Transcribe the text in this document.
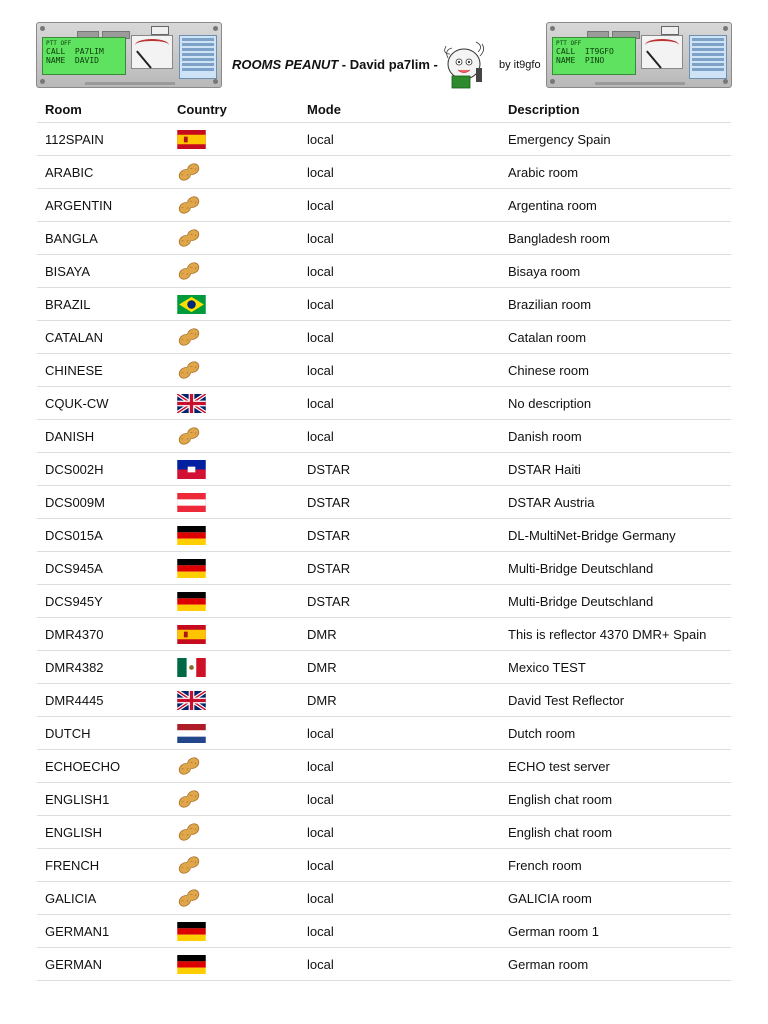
PTT OFF
CALL  PA7LIM
NAME  DAVID	ROOMS PEANUT - David pa7lim -	by it9gfo
PTT OFF
CALL  IT9GFO
NAME  PINO
Room	Country	Mode	Description
112SPAIN		local	Emergency Spain
ARABIC		local	Arabic room
ARGENTIN		local	Argentina room
BANGLA		local	Bangladesh room
BISAYA		local	Bisaya room
BRAZIL		local	Brazilian room
CATALAN		local	Catalan room
CHINESE		local	Chinese room
CQUK-CW		local	No description
DANISH		local	Danish room
DCS002H		DSTAR	DSTAR Haiti
DCS009M		DSTAR	DSTAR Austria
DCS015A		DSTAR	DL-MultiNet-Bridge Germany
DCS945A		DSTAR	Multi-Bridge Deutschland
DCS945Y		DSTAR	Multi-Bridge Deutschland
DMR4370		DMR	This is reflector 4370 DMR+ Spain
DMR4382		DMR	Mexico TEST
DMR4445		DMR	David Test Reflector
DUTCH		local	Dutch room
ECHOECHO		local	ECHO test server
ENGLISH1		local	English chat room
ENGLISH		local	English chat room
FRENCH		local	French room
GALICIA		local	GALICIA room
GERMAN1		local	German room 1
GERMAN		local	German room
